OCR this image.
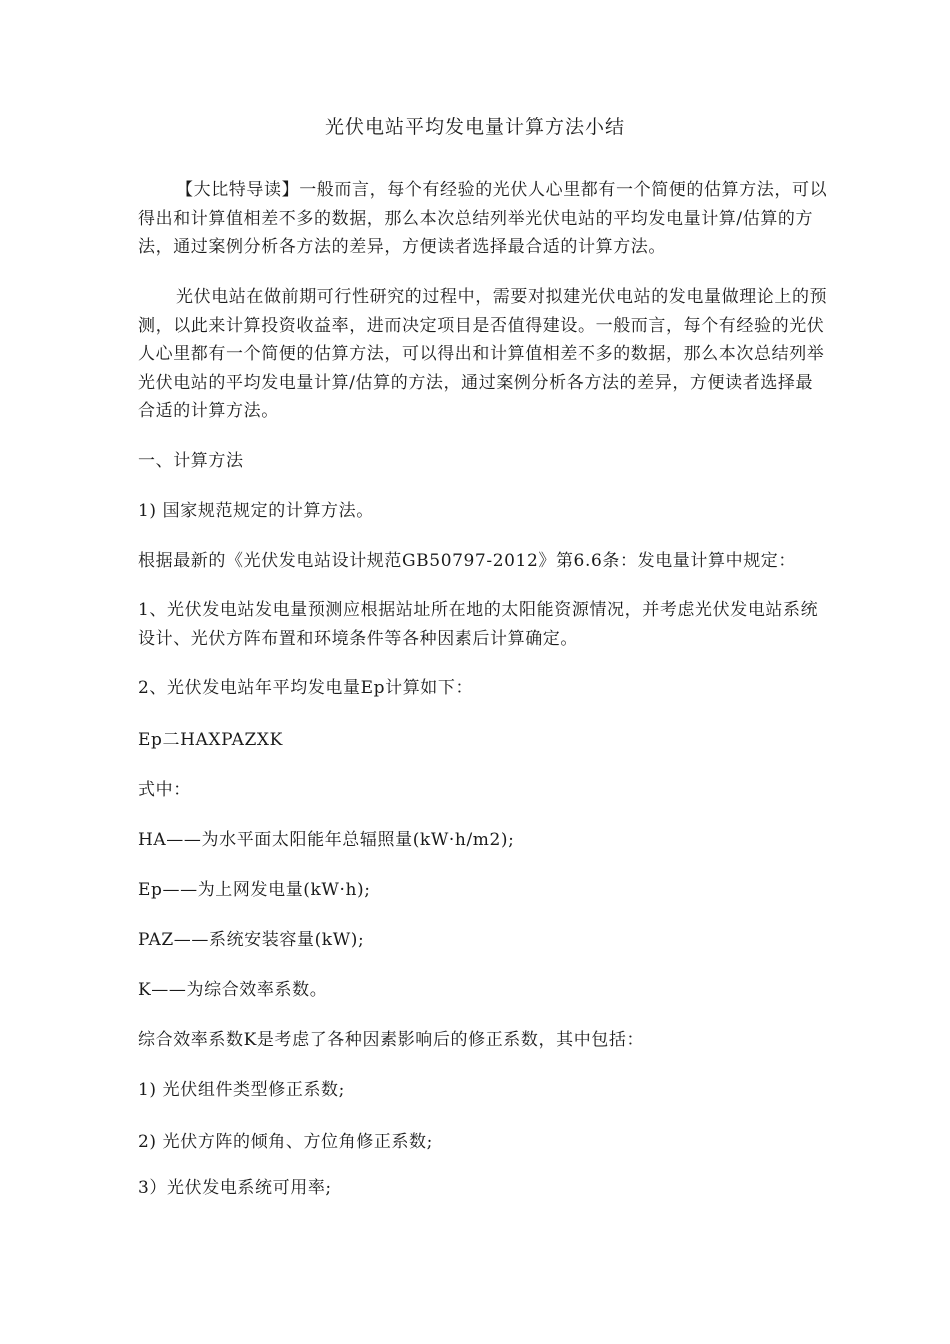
光伏电站平均发电量计算方法小结

【大比特导读】一般而言，每个有经验的光伏人心里都有一个简便的估算方法，可以得出和计算值相差不多的数据，那么本次总结列举光伏电站的平均发电量计算/估算的方法，通过案例分析各方法的差异，方便读者选择最合适的计算方法。

光伏电站在做前期可行性研究的过程中，需要对拟建光伏电站的发电量做理论上的预测，以此来计算投资收益率，进而决定项目是否值得建设。一般而言，每个有经验的光伏人心里都有一个简便的估算方法，可以得出和计算值相差不多的数据，那么本次总结列举光伏电站的平均发电量计算/估算的方法，通过案例分析各方法的差异，方便读者选择最合适的计算方法。

一、计算方法
1) 国家规范规定的计算方法。
根据最新的《光伏发电站设计规范GB50797-2012》第6.6条：发电量计算中规定：

1、光伏发电站发电量预测应根据站址所在地的太阳能资源情况，并考虑光伏发电站系统设计、光伏方阵布置和环境条件等各种因素后计算确定。

2、光伏发电站年平均发电量Ep计算如下：
Ep二HAXPAZXK
式中：
HA——为水平面太阳能年总辐照量(kW·h/m2);
Ep——为上网发电量(kW·h);
PAZ——系统安装容量(kW);
K——为综合效率系数。
综合效率系数K是考虑了各种因素影响后的修正系数，其中包括：
1) 光伏组件类型修正系数;
2) 光伏方阵的倾角、方位角修正系数;
3）光伏发电系统可用率;
